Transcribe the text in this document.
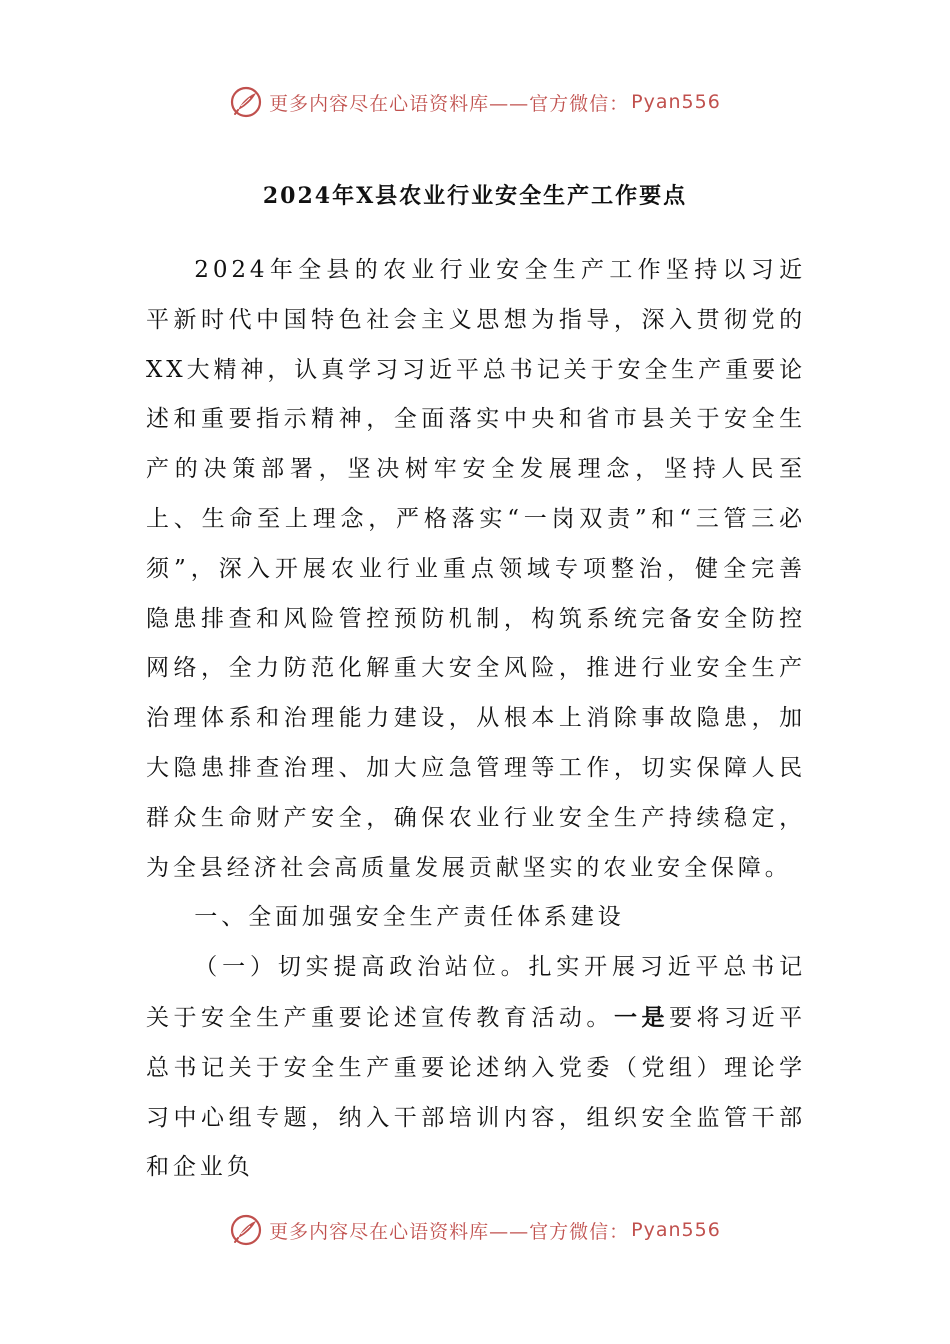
更多内容尽在心语资料库——官方微信： Pyan556
2024年X县农业行业安全生产工作要点

2024年全县的农业行业安全生产工作坚持以习近平新时代中国特色社会主义思想为指导，深入贯彻党的XX大精神，认真学习习近平总书记关于安全生产重要论述和重要指示精神，全面落实中央和省市县关于安全生产的决策部署，坚决树牢安全发展理念，坚持人民至上、生命至上理念，严格落实“一岗双责”和“三管三必须”，深入开展农业行业重点领域专项整治，健全完善隐患排查和风险管控预防机制，构筑系统完备安全防控网络，全力防范化解重大安全风险，推进行业安全生产治理体系和治理能力建设，从根本上消除事故隐患，加大隐患排查治理、加大应急管理等工作，切实保障人民群众生命财产安全，确保农业行业安全生产持续稳定，为全县经济社会高质量发展贡献坚实的农业安全保障。

一、全面加强安全生产责任体系建设

（一）切实提高政治站位。扎实开展习近平总书记关于安全生产重要论述宣传教育活动。一是要将习近平总书记关于安全生产重要论述纳入党委（党组）理论学习中心组专题，纳入干部培训内容，组织安全监管干部和企业负

更多内容尽在心语资料库——官方微信： Pyan556
